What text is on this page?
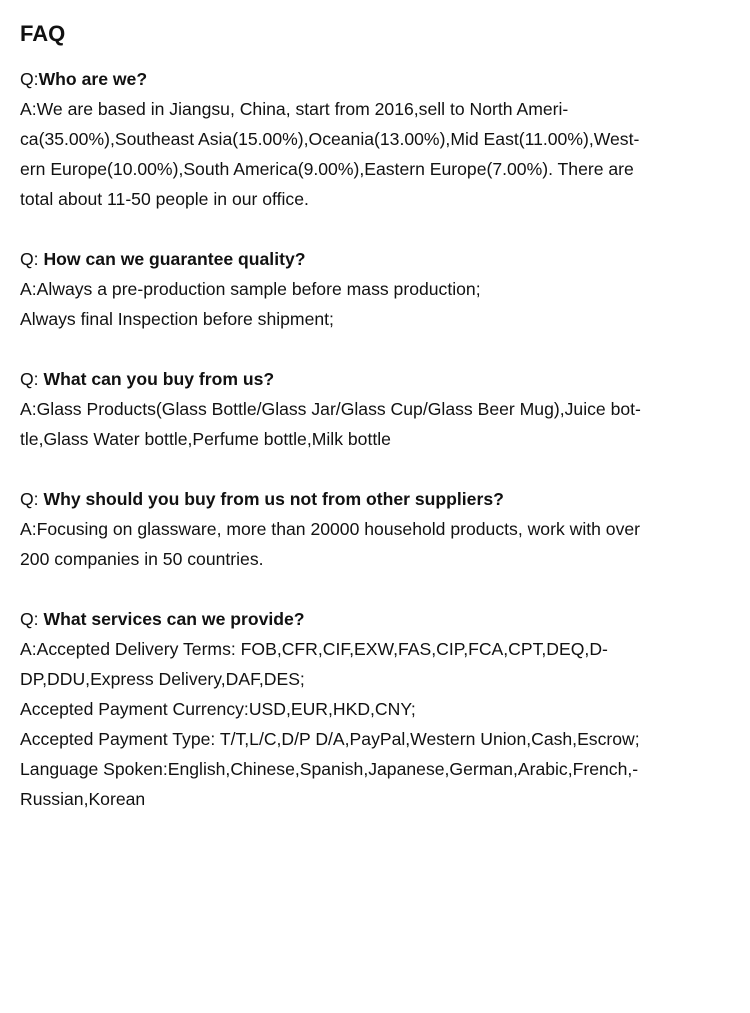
FAQ
Q:Who are we?
A:We are based in Jiangsu, China, start from 2016,sell to North Ameri-
ca(35.00%),Southeast Asia(15.00%),Oceania(13.00%),Mid East(11.00%),West-
ern Europe(10.00%),South America(9.00%),Eastern Europe(7.00%). There are
total about 11-50 people in our office.
Q: How can we guarantee quality?
A:Always a pre-production sample before mass production;
Always final Inspection before shipment;
Q: What can you buy from us?
A:Glass Products(Glass Bottle/Glass Jar/Glass Cup/Glass Beer Mug),Juice bot-
tle,Glass Water bottle,Perfume bottle,Milk bottle
Q: Why should you buy from us not from other suppliers?
A:Focusing on glassware, more than 20000 household products, work with over
200 companies in 50 countries.
Q: What services can we provide?
A:Accepted Delivery Terms: FOB,CFR,CIF,EXW,FAS,CIP,FCA,CPT,DEQ,D-
DP,DDU,Express Delivery,DAF,DES;
Accepted Payment Currency:USD,EUR,HKD,CNY;
Accepted Payment Type: T/T,L/C,D/P D/A,PayPal,Western Union,Cash,Escrow;
Language Spoken:English,Chinese,Spanish,Japanese,German,Arabic,French,-
Russian,Korean
